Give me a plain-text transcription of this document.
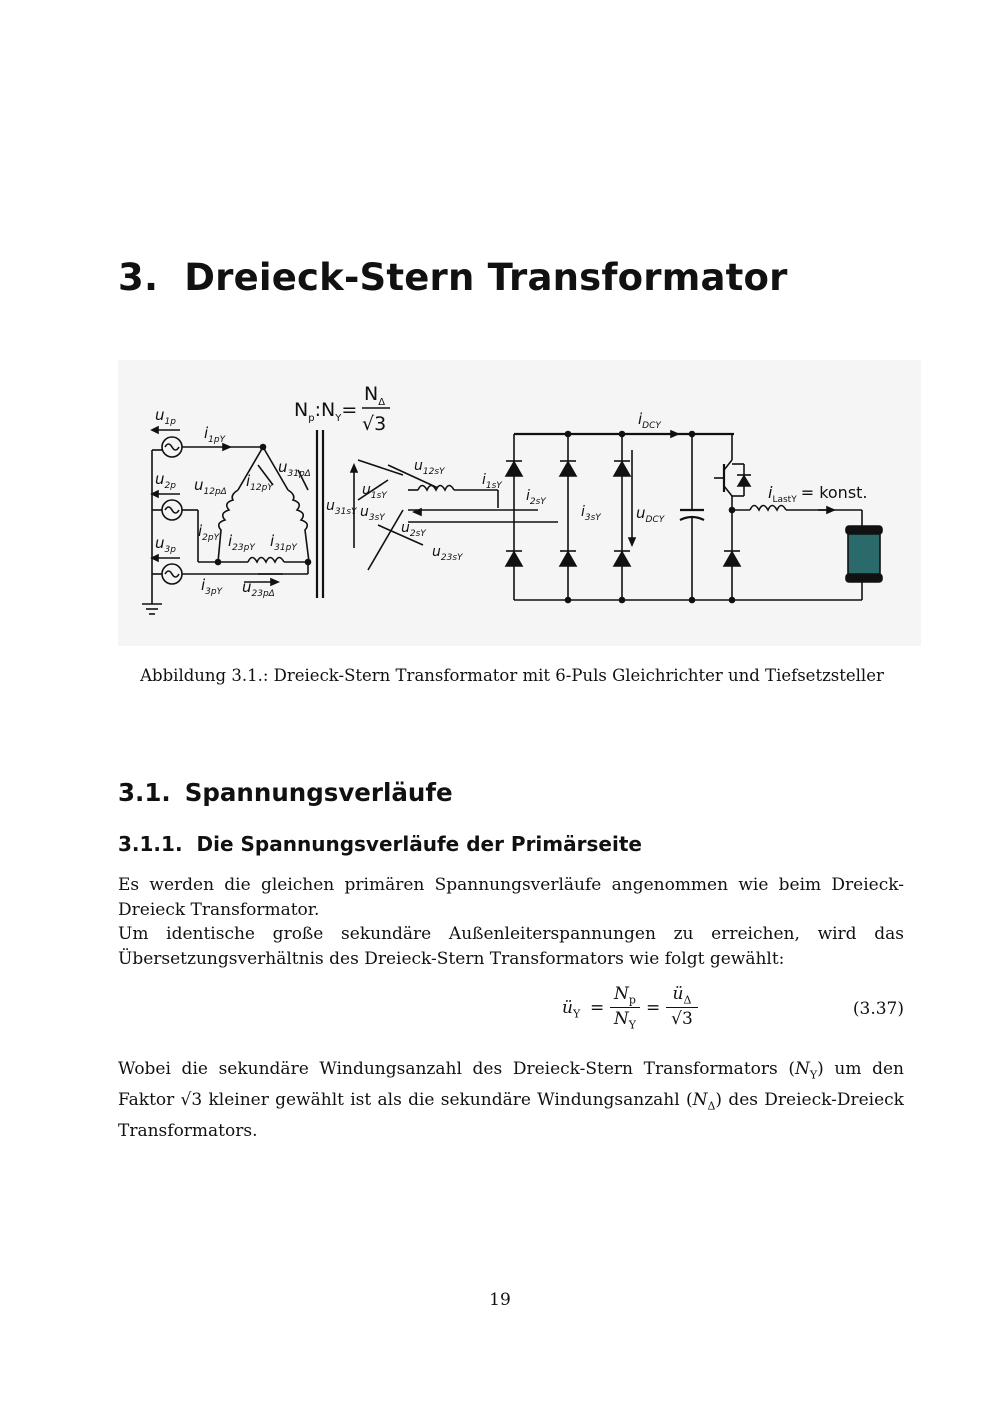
3. Dreieck-Stern Transformator
$N_p:N_Y=$
$N_\Delta$
√3
$u_{1p}$
$u_{2p}$
$u_{3p}$
$i_{1pY}$
$i_{2pY}$
$i_{3pY}$
$u_{12p\Delta}$
$u_{31p\Delta}$
$u_{23p\Delta}$
$i_{12pY}$
$i_{23pY}$ $i_{31pY}$
$u_{31sY}$
$u_{1sY}$
$u_{3sY}$
$u_{2sY}$
$u_{12sY}$
$u_{23sY}$
$i_{1sY}$
$i_{2sY}$
$i_{3sY}$
$i_{DCY}$
$u_{DCY}$
$i_{LastY}$ = konst.
Abbildung 3.1.: Dreieck-Stern Transformator mit 6-Puls Gleichrichter und Tiefsetzsteller
3.1. Spannungsverläufe
3.1.1. Die Spannungsverläufe der Primärseite
Es werden die gleichen primären Spannungsverläufe angenommen wie beim Dreieck-Dreieck Transformator.
Um identische große sekundäre Außenleiterspannungen zu erreichen, wird das Übersetzungsverhältnis des Dreieck-Stern Transformators wie folgt gewählt:
$ü_Y$ =
$N_p$
$N_Y$
=
$ü_\Delta$
√3
(3.37)
Wobei die sekundäre Windungsanzahl des Dreieck-Stern Transformators $(N_Y)$ um den Faktor √3 kleiner gewählt ist als die sekundäre Windungsanzahl $(N_\Delta)$ des Dreieck-Dreieck Transformators.
19
